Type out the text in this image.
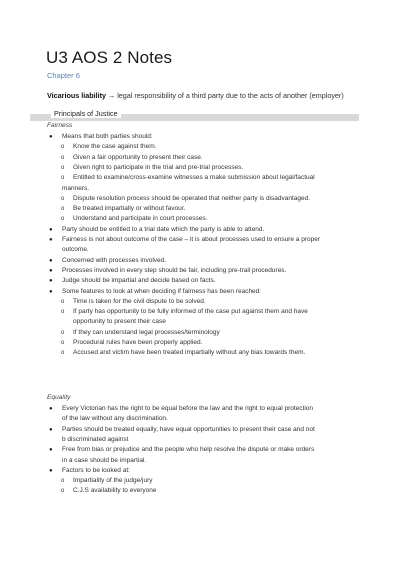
U3 AOS 2 Notes
Chapter 6
Vicarious liability → legal responsibility of a third party due to the acts of another (employer)
Principals of Justice
Fairness
Equality
● Means that both parties should:
o Know the case against them.
o Given a fair opportunity to present their case.
o Given right to participate in the trial and pre-trial processes.
o Entitled to examine/cross-examine witnesses a make submission about legal/factual
manners.
o Dispute resolution process should be operated that neither party is disadvantaged.
o Be treated impartially or without favour.
o Understand and participate in court processes.
● Party should be entitled to a trial date which the party is able to attend.
● Fairness is not about outcome of the case – it is about processes used to ensure a proper
outcome.
● Concerned with processes involved.
● Processes involved in every step should be fair, including pre-trail procedures.
● Judge should be impartial and decide based on facts.
● Some features to look at when deciding if fairness has been reached:
o Time is taken for the civil dispute to be solved.
o If party has opportunity to be fully informed of the case put against them and have
opportunity to present their case
o If they can understand legal processes/terminology
o Procedural rules have been properly applied.
o Accused and victim have been treated impartially without any bias towards them.
● Every Victorian has the right to be equal before the law and the right to equal protection
of the law without any discrimination.
● Parties should be treated equally, have equal opportunities to present their case and not
b discriminated against
● Free from bias or prejudice and the people who help resolve the dispute or make orders
in a case should be impartial.
● Factors to be looked at:
o Impartiality of the judge/jury
o C.J.S availability to everyone
